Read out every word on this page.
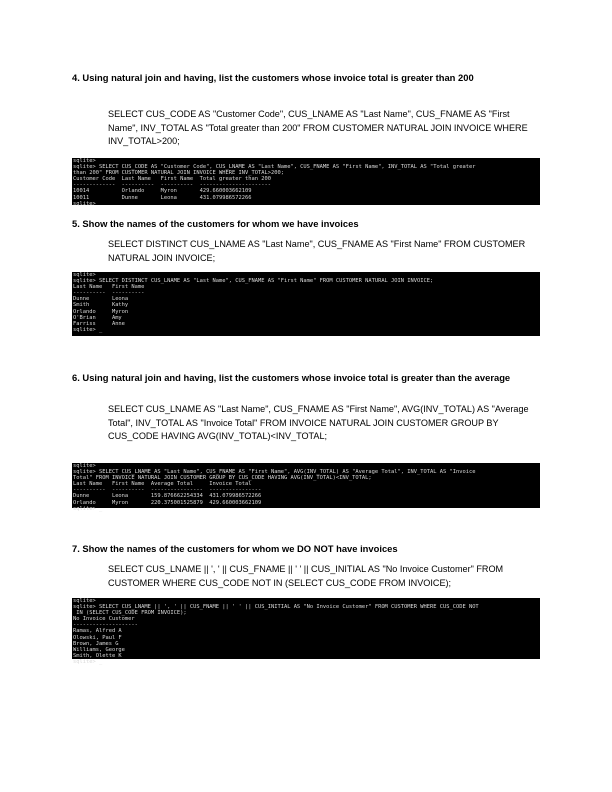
4. Using natural join and having, list the customers whose invoice total is greater than 200
SELECT CUS_CODE AS "Customer Code", CUS_LNAME AS "Last Name", CUS_FNAME AS "First Name", INV_TOTAL AS "Total greater than 200" FROM CUSTOMER NATURAL JOIN INVOICE WHERE INV_TOTAL>200;
sqlite>
sqlite> SELECT CUS_CODE AS "Customer Code", CUS_LNAME AS "Last Name", CUS_FNAME AS "First Name", INV_TOTAL AS "Total greater
than 200" FROM CUSTOMER NATURAL JOIN INVOICE WHERE INV_TOTAL>200;
Customer Code  Last Name   First Name  Total greater than 200
-------------  ----------  ----------  ----------------------
10014          Orlando     Myron       429.660003662109
10011          Dunne       Leona       431.079986572266
sqlite>
5. Show the names of the customers for whom we have invoices
SELECT DISTINCT CUS_LNAME AS "Last Name", CUS_FNAME AS "First Name" FROM CUSTOMER NATURAL JOIN INVOICE;
sqlite>
sqlite> SELECT DISTINCT CUS_LNAME AS "Last Name", CUS_FNAME AS "First Name" FROM CUSTOMER NATURAL JOIN INVOICE;
Last Name   First Name
----------  ----------
Dunne       Leona
Smith       Kathy
Orlando     Myron
O'Brian     Amy
Farriss     Anne
sqlite> _
6. Using natural join and having, list the customers whose invoice total is greater than the average
SELECT CUS_LNAME AS "Last Name", CUS_FNAME AS "First Name", AVG(INV_TOTAL) AS "Average Total", INV_TOTAL AS "Invoice Total" FROM INVOICE NATURAL JOIN CUSTOMER GROUP BY CUS_CODE HAVING AVG(INV_TOTAL)<INV_TOTAL;
sqlite>
sqlite> SELECT CUS_LNAME AS "Last Name", CUS_FNAME AS "First Name", AVG(INV_TOTAL) AS "Average Total", INV_TOTAL AS "Invoice
Total" FROM INVOICE NATURAL JOIN CUSTOMER GROUP BY CUS_CODE HAVING AVG(INV_TOTAL)<INV_TOTAL;
Last Name   First Name  Average Total     Invoice Total
----------  ----------  ----------------  ----------------
Dunne       Leona       159.876662254334  431.079986572266
Orlando     Myron       220.375001525879  429.660003662109
sqlite> _
7. Show the names of the customers for whom we DO NOT have invoices
SELECT CUS_LNAME || ', ' || CUS_FNAME || ' ' || CUS_INITIAL AS "No Invoice Customer" FROM CUSTOMER WHERE CUS_CODE NOT IN (SELECT CUS_CODE FROM INVOICE);
sqlite>
sqlite> SELECT CUS_LNAME || ', ' || CUS_FNAME || ' ' || CUS_INITIAL AS "No Invoice Customer" FROM CUSTOMER WHERE CUS_CODE NOT
IN (SELECT CUS_CODE FROM INVOICE);
No Invoice Customer
--------------------
Ramas, Alfred A
Olowski, Paul F
Brown, James G
Williams, George
Smith, Olette K
sqlite> _
